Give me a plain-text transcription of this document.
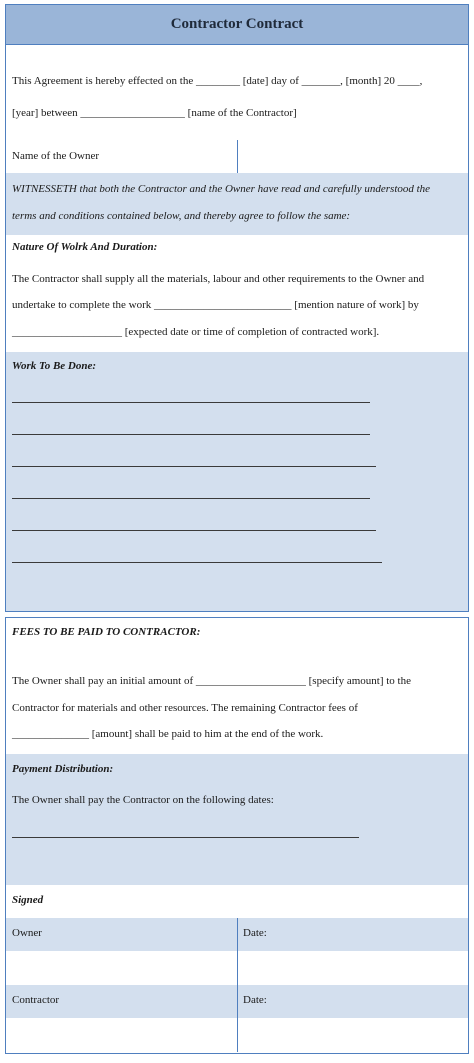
Contractor Contract
This Agreement is hereby effected on the ________ [date] day of _______, [month] 20 ____,
[year] between ___________________ [name of the Contractor]
Name of the Owner
WITNESSETH that both the Contractor and the Owner have read and carefully understood the
terms and conditions contained below, and thereby agree to follow the same:
Nature Of Wolrk And Duration:
The Contractor shall supply all the materials, labour and other requirements to the Owner and
undertake to complete the work _________________________ [mention nature of work] by
____________________ [expected date or time of completion of contracted work].
Work To Be Done:
FEES TO BE PAID TO CONTRACTOR:
The Owner shall pay an initial amount of ____________________ [specify amount] to the
Contractor for materials and other resources. The remaining Contractor fees of
______________ [amount] shall be paid to him at the end of the work.
Payment Distribution:
The Owner shall pay the Contractor on the following dates:
Signed
Owner	Date:
Contractor	Date:
